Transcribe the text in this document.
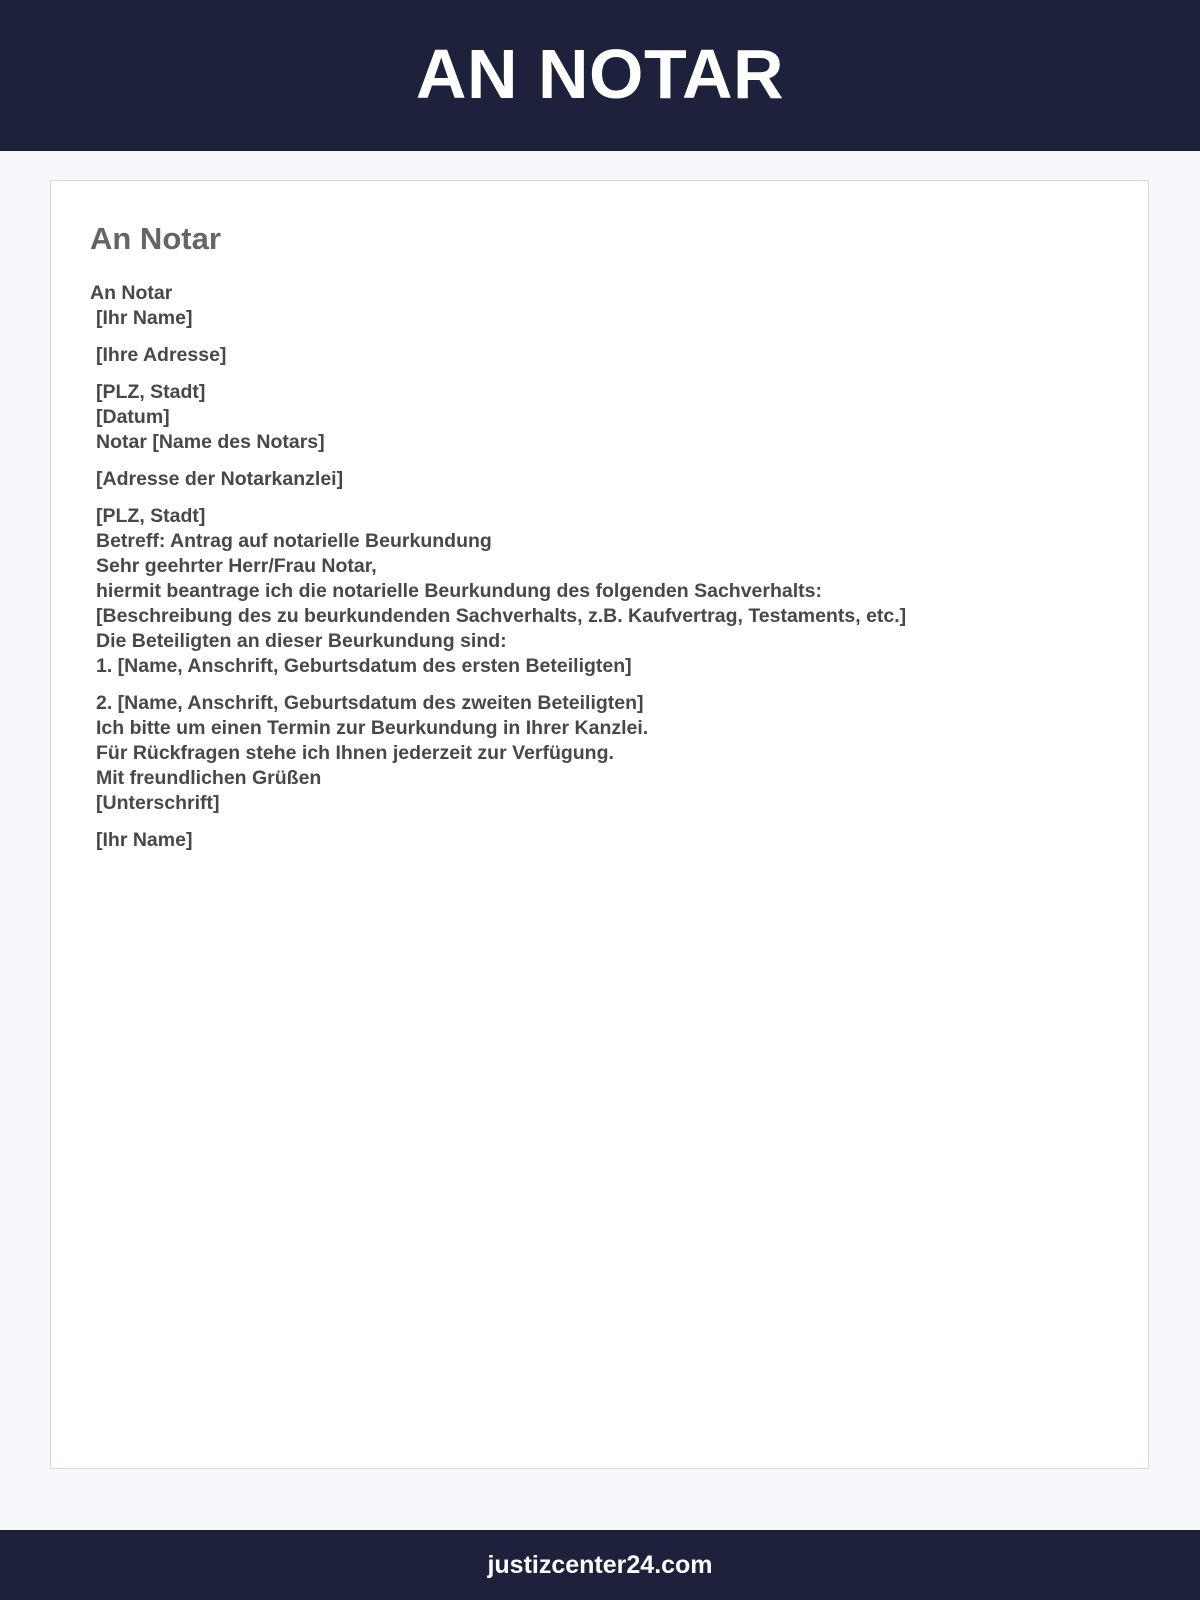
AN NOTAR
An Notar
An Notar
[Ihr Name]
[Ihre Adresse]
[PLZ, Stadt]
[Datum]
Notar [Name des Notars]
[Adresse der Notarkanzlei]
[PLZ, Stadt]
Betreff: Antrag auf notarielle Beurkundung
Sehr geehrter Herr/Frau Notar,
hiermit beantrage ich die notarielle Beurkundung des folgenden Sachverhalts:
[Beschreibung des zu beurkundenden Sachverhalts, z.B. Kaufvertrag, Testaments, etc.]
Die Beteiligten an dieser Beurkundung sind:
1. [Name, Anschrift, Geburtsdatum des ersten Beteiligten]
2. [Name, Anschrift, Geburtsdatum des zweiten Beteiligten]
Ich bitte um einen Termin zur Beurkundung in Ihrer Kanzlei.
Für Rückfragen stehe ich Ihnen jederzeit zur Verfügung.
Mit freundlichen Grüßen
[Unterschrift]
[Ihr Name]
justizcenter24.com
